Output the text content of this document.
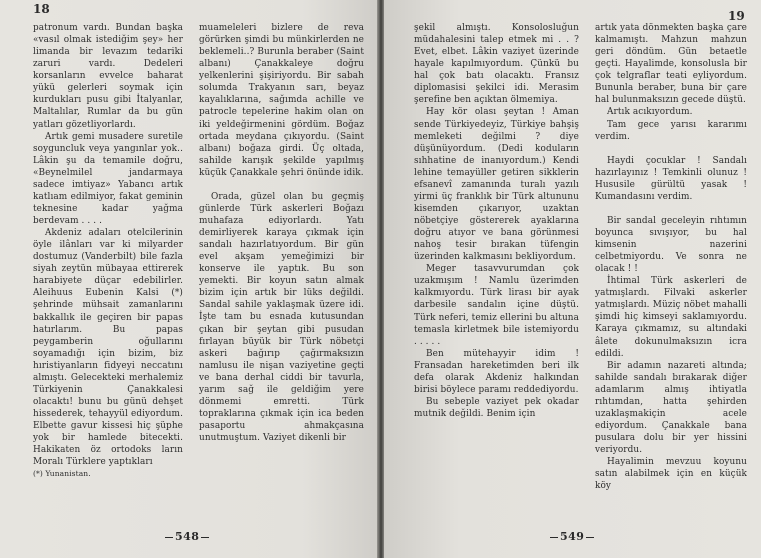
18

patronum vardı. Bundan başka «vasıl olmak istediğim şey» her limanda bir levazım tedariki zaruri vardı. Dedeleri korsanların evvelce baharat yükü gelerleri soymak için kurdukları pusu gibi İtalyanlar, Maltalılar, Rumlar da bu gün yatları gözetliyorlardı.

Artık gemi musadere suretile soyguncluk veya yangınlar yok.. Lâkin şu da temamile doğru, «Beynelmilel jandarmaya sadece imtiyaz» Yabancı artık katlıam edilmiyor, fakat geminin teknesine kadar yağma berdevam . . . .

Akdeniz adaları otelcilerinin öyle ilânları var ki milyarder dostumuz (Vanderbilt) bile fazla siyah zeytün mübayaa ettirerek harabiyete düçar edebilirler. Aleihuus Eubenin Kalsi (*) şehrinde mühsait zamanlarını bakkallık ile geçiren bir papas hatırlarım. Bu papas peygamberin oğullarını soyamadığı için bizim, biz hıristiyanların fidyeyi neccatını almıştı. Gelecekteki merhalemiz Türkiyenin Çanakkalesi olacaktı! bunu bu günü dehşet hissederek, tehayyül ediyordum. Elbette gavur kissesi hiç şüphe yok bir hamlede bitecekti. Hakikaten öz ortodoks ların Moralı Türklere yaptıkları

(*) Yunanistan.

muameleleri bizlere de reva görürken şimdi bu münkirlerden ne beklemeli..? Burunla beraber (Saint albanı) Çanakkaleye doğru yelkenlerini şişiriyordu. Bir sabah solumda Trakyanın sarı, beyaz kayalıklarına, sağımda achille ve patrocle tepelerine hakim olan on iki yeldeğirmenini gördüm. Boğaz ortada meydana çıkıyordu. (Saint albanı) boğaza girdi. Üç oltada, sahilde karışık şekilde yapılmış küçük Çanakkale şehri önünde idik.

Orada, güzel olan bu geçmiş günlerde Türk askerleri Boğazı muhafaza ediyorlardı. Yatı demirliyerek karaya çıkmak için sandalı hazırlatıyordum. Bir gün evel akşam yemeğimizi bir konserve ile yaptık. Bu son yemekti. Bir koyun satın almak bizim için artık bir lüks değildi. Sandal sahile yaklaşmak üzere idi. İşte tam bu esnada kutusundan çıkan bir şeytan gibi pusudan fırlayan büyük bir Türk nöbetçi askeri bağırıp çağırmaksızın namlusu ile nişan vaziyetine geçti ve bana derhal ciddi bir tavurla, yarım sağ ile geldiğim yere dönmemi emretti. Türk topraklarına çıkmak için ica beden pasaportu ahmakçasına unutmuştum. Vaziyet dikenli bir

548
19

şekil almıştı. Konsolosluğun müdahalesini talep etmek mi . . ? Evet, elbet. Lâkin vaziyet üzerinde hayale kapılmıyordum. Çünkü bu hal çok batı olacaktı. Fransız diplomasisi şekilci idi. Merasim şerefine ben açıktan ölmemiya.

Hay kör olası şeytan ! Aman sende Türkiyedeyiz, Türkiye bahşiş memleketi değilmi ? diye düşünüyordum. (Dedi koduların sıhhatine de inanıyordum.) Kendi lehine temayüller getiren sikklerin efsanevî zamanında turalı yazılı yirmi üç franklık bir Türk altununu kisemden çıkarıyor, uzaktan nöbetçiye göstererek ayaklarına doğru atıyor ve bana görünmesi nahoş tesir bırakan tüfengin üzerinden kalkmasını bekliyordum.

Meger tasavvurumdan çok uzakmışım ! Namlu üzerimden kalkmıyordu. Türk lirası bir ayak darbesile sandalın içine düştü. Türk neferi, temiz ellerini bu altuna temasla kirletmek bile istemiyordu . . . . .

Ben mütehayyir idim ! Fransadan hareketimden beri ilk defa olarak Akdeniz halkından birisi böylece paramı reddediyordu.

Bu sebeple vaziyet pek okadar mutnik değildi. Benim için

artık yata dönmekten başka çare kalmamıştı. Mahzun mahzun geri döndüm. Gün betaetle geçti. Hayalimde, konsolusla bir çok telgraflar teati eyliyordum. Bununla beraber, buna bir çare hal bulunmaksızın gecede düştü.

Artık acıkıyordum.

Tam gece yarısı kararımı verdim.

Haydi çocuklar ! Sandalı hazırlayınız ! Temkinli olunuz ! Hususile gürültü yasak ! Kumandasını verdim.

Bir sandal geceleyin rıhtımın boyunca sıvışıyor, bu hal kimsenin nazerini celbetmiyordu. Ve sonra ne olacak ! !

İhtimal Türk askerleri de yatmışlardı. Filvaki askerler yatmışlardı. Müziç nöbet mahalli şimdi hiç kimseyi saklamıyordu. Karaya çıkmamız, su altındaki âlete dokunulmaksızın icra edildi.

Bir adamın nazareti altında; sahilde sandalı bırakarak diğer adamlarım almış ihtiyatla rıhtımdan, hatta şehirden uzaklaşmakiçin acele ediyordum. Çanakkale bana pusulara dolu bir yer hissini veriyordu.

Hayalimin mevzuu koyunu satın alabilmek için en küçük köy

549
